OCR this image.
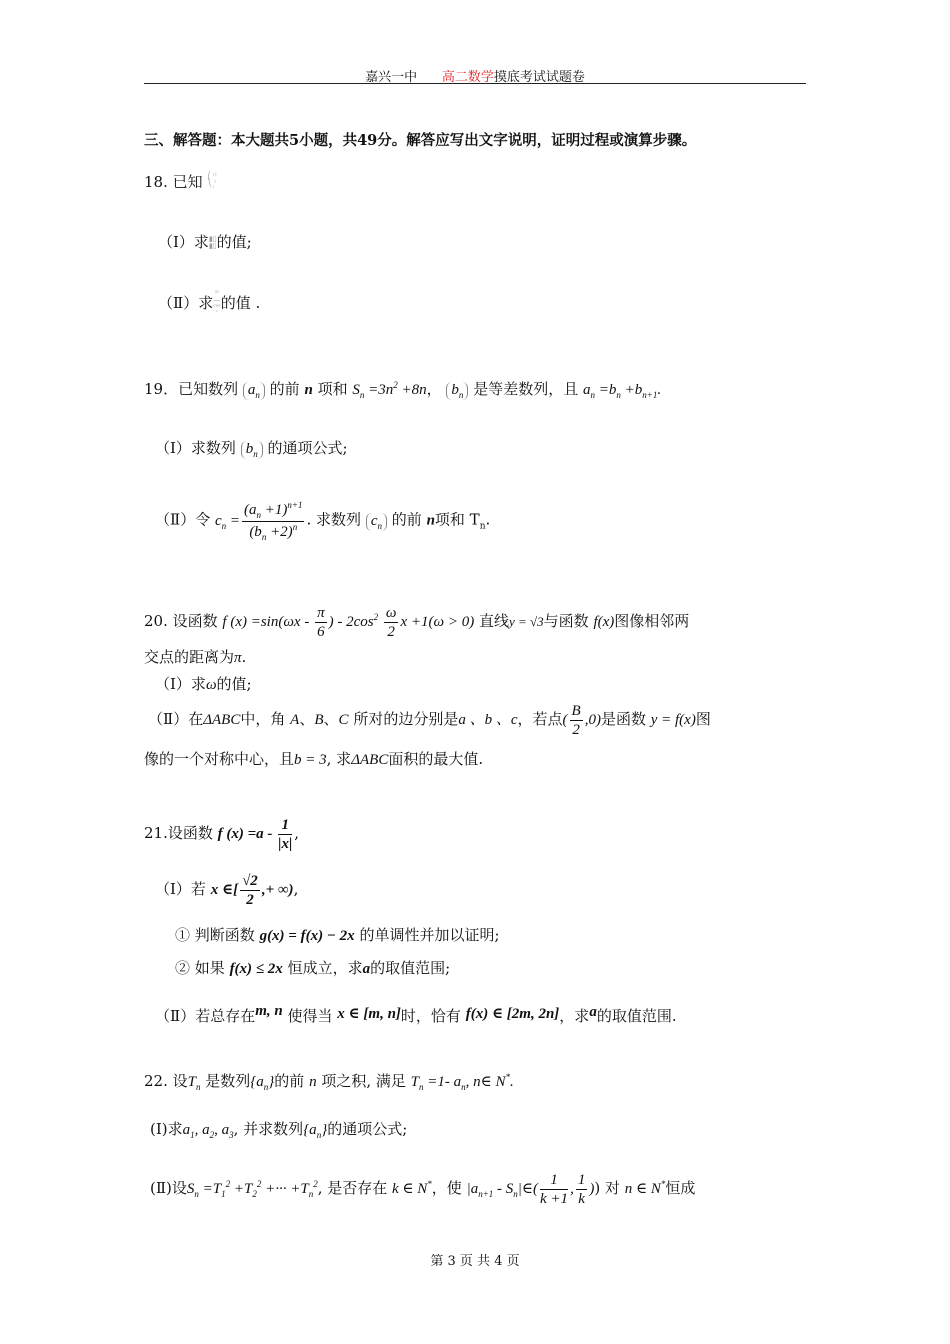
嘉兴一中 高二数学摸底考试试题卷
三、解答题：本大题共5小题，共49分。解答应写出文字说明，证明过程或演算步骤。
18. 已知 ⎛ ⁽⁾
⎝ ⁾
ˈ
（Ⅰ）求▮▯
▮▯的值;
（Ⅱ）求ˢⁱ
—
ᶜᵒˢ
ˈ的值 .
19．已知数列 $a_n$ 的前 n 项和 $S_n =3n^2 +8n$， $b_n$ 是等差数列，且 $a_n =b_n +b_{n+1}$.
（Ⅰ）求数列 $b_n$ 的通项公式;
（Ⅱ）令 $c_n = \frac{(a_n +1)^{n+1}}{(b_n +2)^n}$ . 求数列 $c_n$ 的前 n项和 $T_n$.
20. 设函数 f $(x) =\sin(\omega x - \frac{\pi}{6}$ ) - $2\cos^2 \frac{\omega}{2}$ x +1(ω > 0) 直线y = √3与函数 f(x)图像相邻两
交点的距离为π.
（Ⅰ）求ω的值;
（Ⅱ）在ΔABC中，角 A、B、C 所对的边分别是a 、b 、c，若点( $\frac{B}{2} ,0$)是函数 y = f(x)图
像的一个对称中心，且b = 3, 求ΔABC面积的最大值.
21.设函数 f $(x) =a - \frac{1}{|x|}$ ,
（Ⅰ）若 x ∈[ $\frac{√2}{2}$ ,+ ∞),
① 判断函数 g(x) = f(x) − 2x 的单调性并加以证明;
② 如果 f(x) ≤ 2x 恒成立，求a的取值范围;
（Ⅱ）若总存在m, n 使得当 x ∈ [m, n]时，恰有 f(x) ∈ [2m, 2n]，求a的取值范围.
22. 设$T_n$ 是数列$\{a_n\}$的前 n 项之积, 满足 $T_n =1-$ $a_n$, n∈ N*.
(Ⅰ)求$a_1$, $a_2$, $a_3$, 并求数列$\{a_n\}$的通项公式;
(Ⅱ)设$S_n =T_1^2 +T_2^2$ +··· $+T_n^2$, 是否存在 k ∈ N*，使 $|a_{n+1}$ - $S_n|\in( \frac{1}{k +1}$ , $\frac{1}{k}$ )) 对 n ∈ N*恒成
第 3 页 共 4 页
